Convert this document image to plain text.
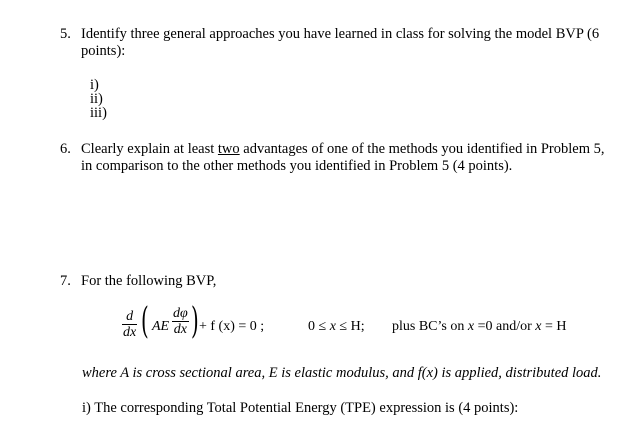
5. Identify three general approaches you have learned in class for solving the model BVP (6
points):
i)
ii)
iii)
6. Clearly explain at least two advantages of one of the methods you identified in Problem 5,
in comparison to the other methods you identified in Problem 5 (4 points).
7. For the following BVP,
$\frac{d}{dx}$ ( AE $\frac{d\varphi}{dx}$ ) + f (x) = 0 ;	0 ≤ x ≤ H; plus BC’s on x =0 and/or x = H
where A is cross sectional area, E is elastic modulus, and f(x) is applied, distributed load.
i) The corresponding Total Potential Energy (TPE) expression is (4 points):
